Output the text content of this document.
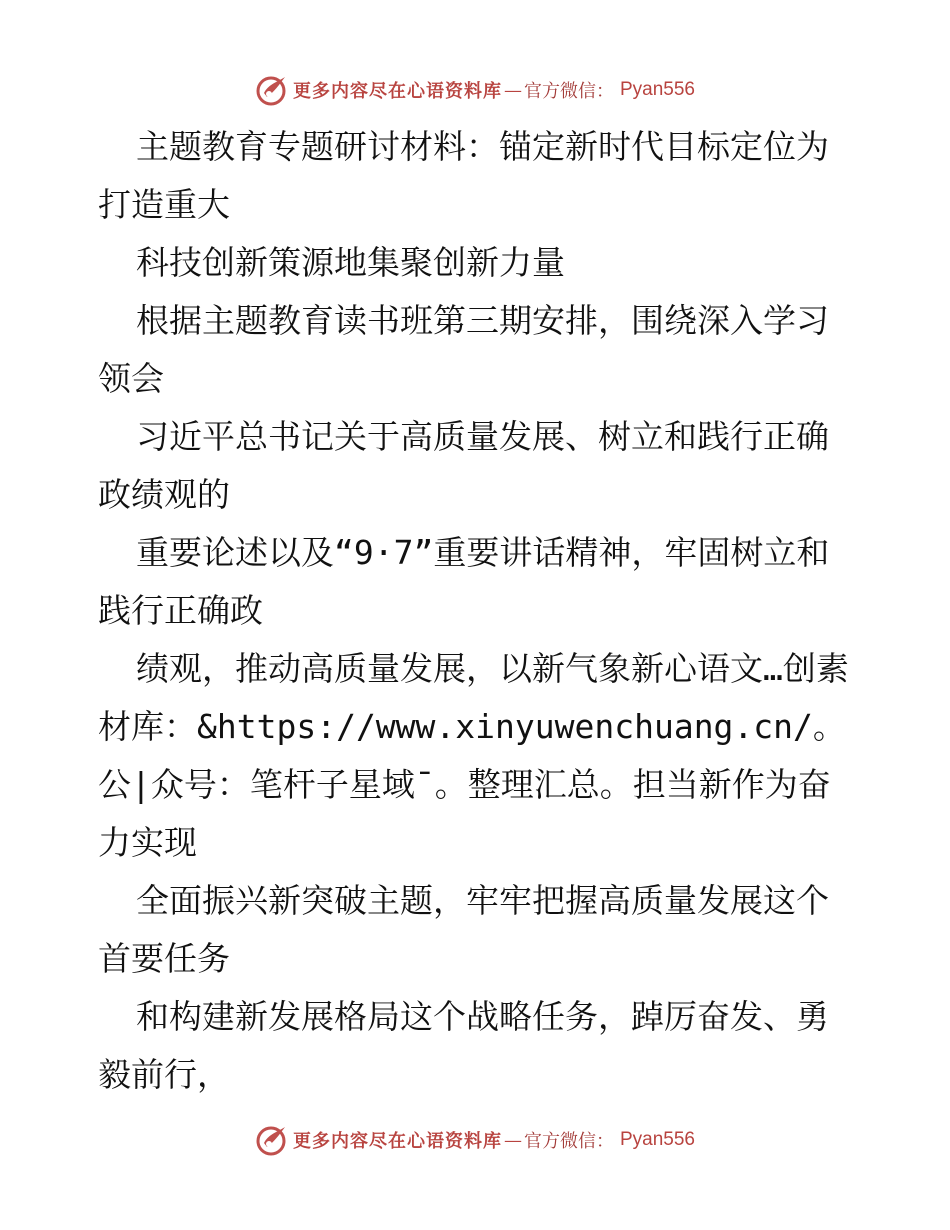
更多内容尽在心语资料库 — 官方微信： Pyan556

主题教育专题研讨材料：锚定新时代目标定位为打造重大

科技创新策源地集聚创新力量

根据主题教育读书班第三期安排，围绕深入学习领会

习近平总书记关于高质量发展、树立和践行正确政绩观的

重要论述以及“9·7”重要讲话精神，牢固树立和践行正确政

绩观，推动高质量发展，以新气象新心语文…创素材库：&https://www.xinyuwenchuang.cn/。公|众号：笔杆子星域¯。整理汇总。担当新作为奋力实现

全面振兴新突破主题，牢牢把握高质量发展这个首要任务

和构建新发展格局这个战略任务，踔厉奋发、勇毅前行，

更多内容尽在心语资料库 — 官方微信： Pyan556
